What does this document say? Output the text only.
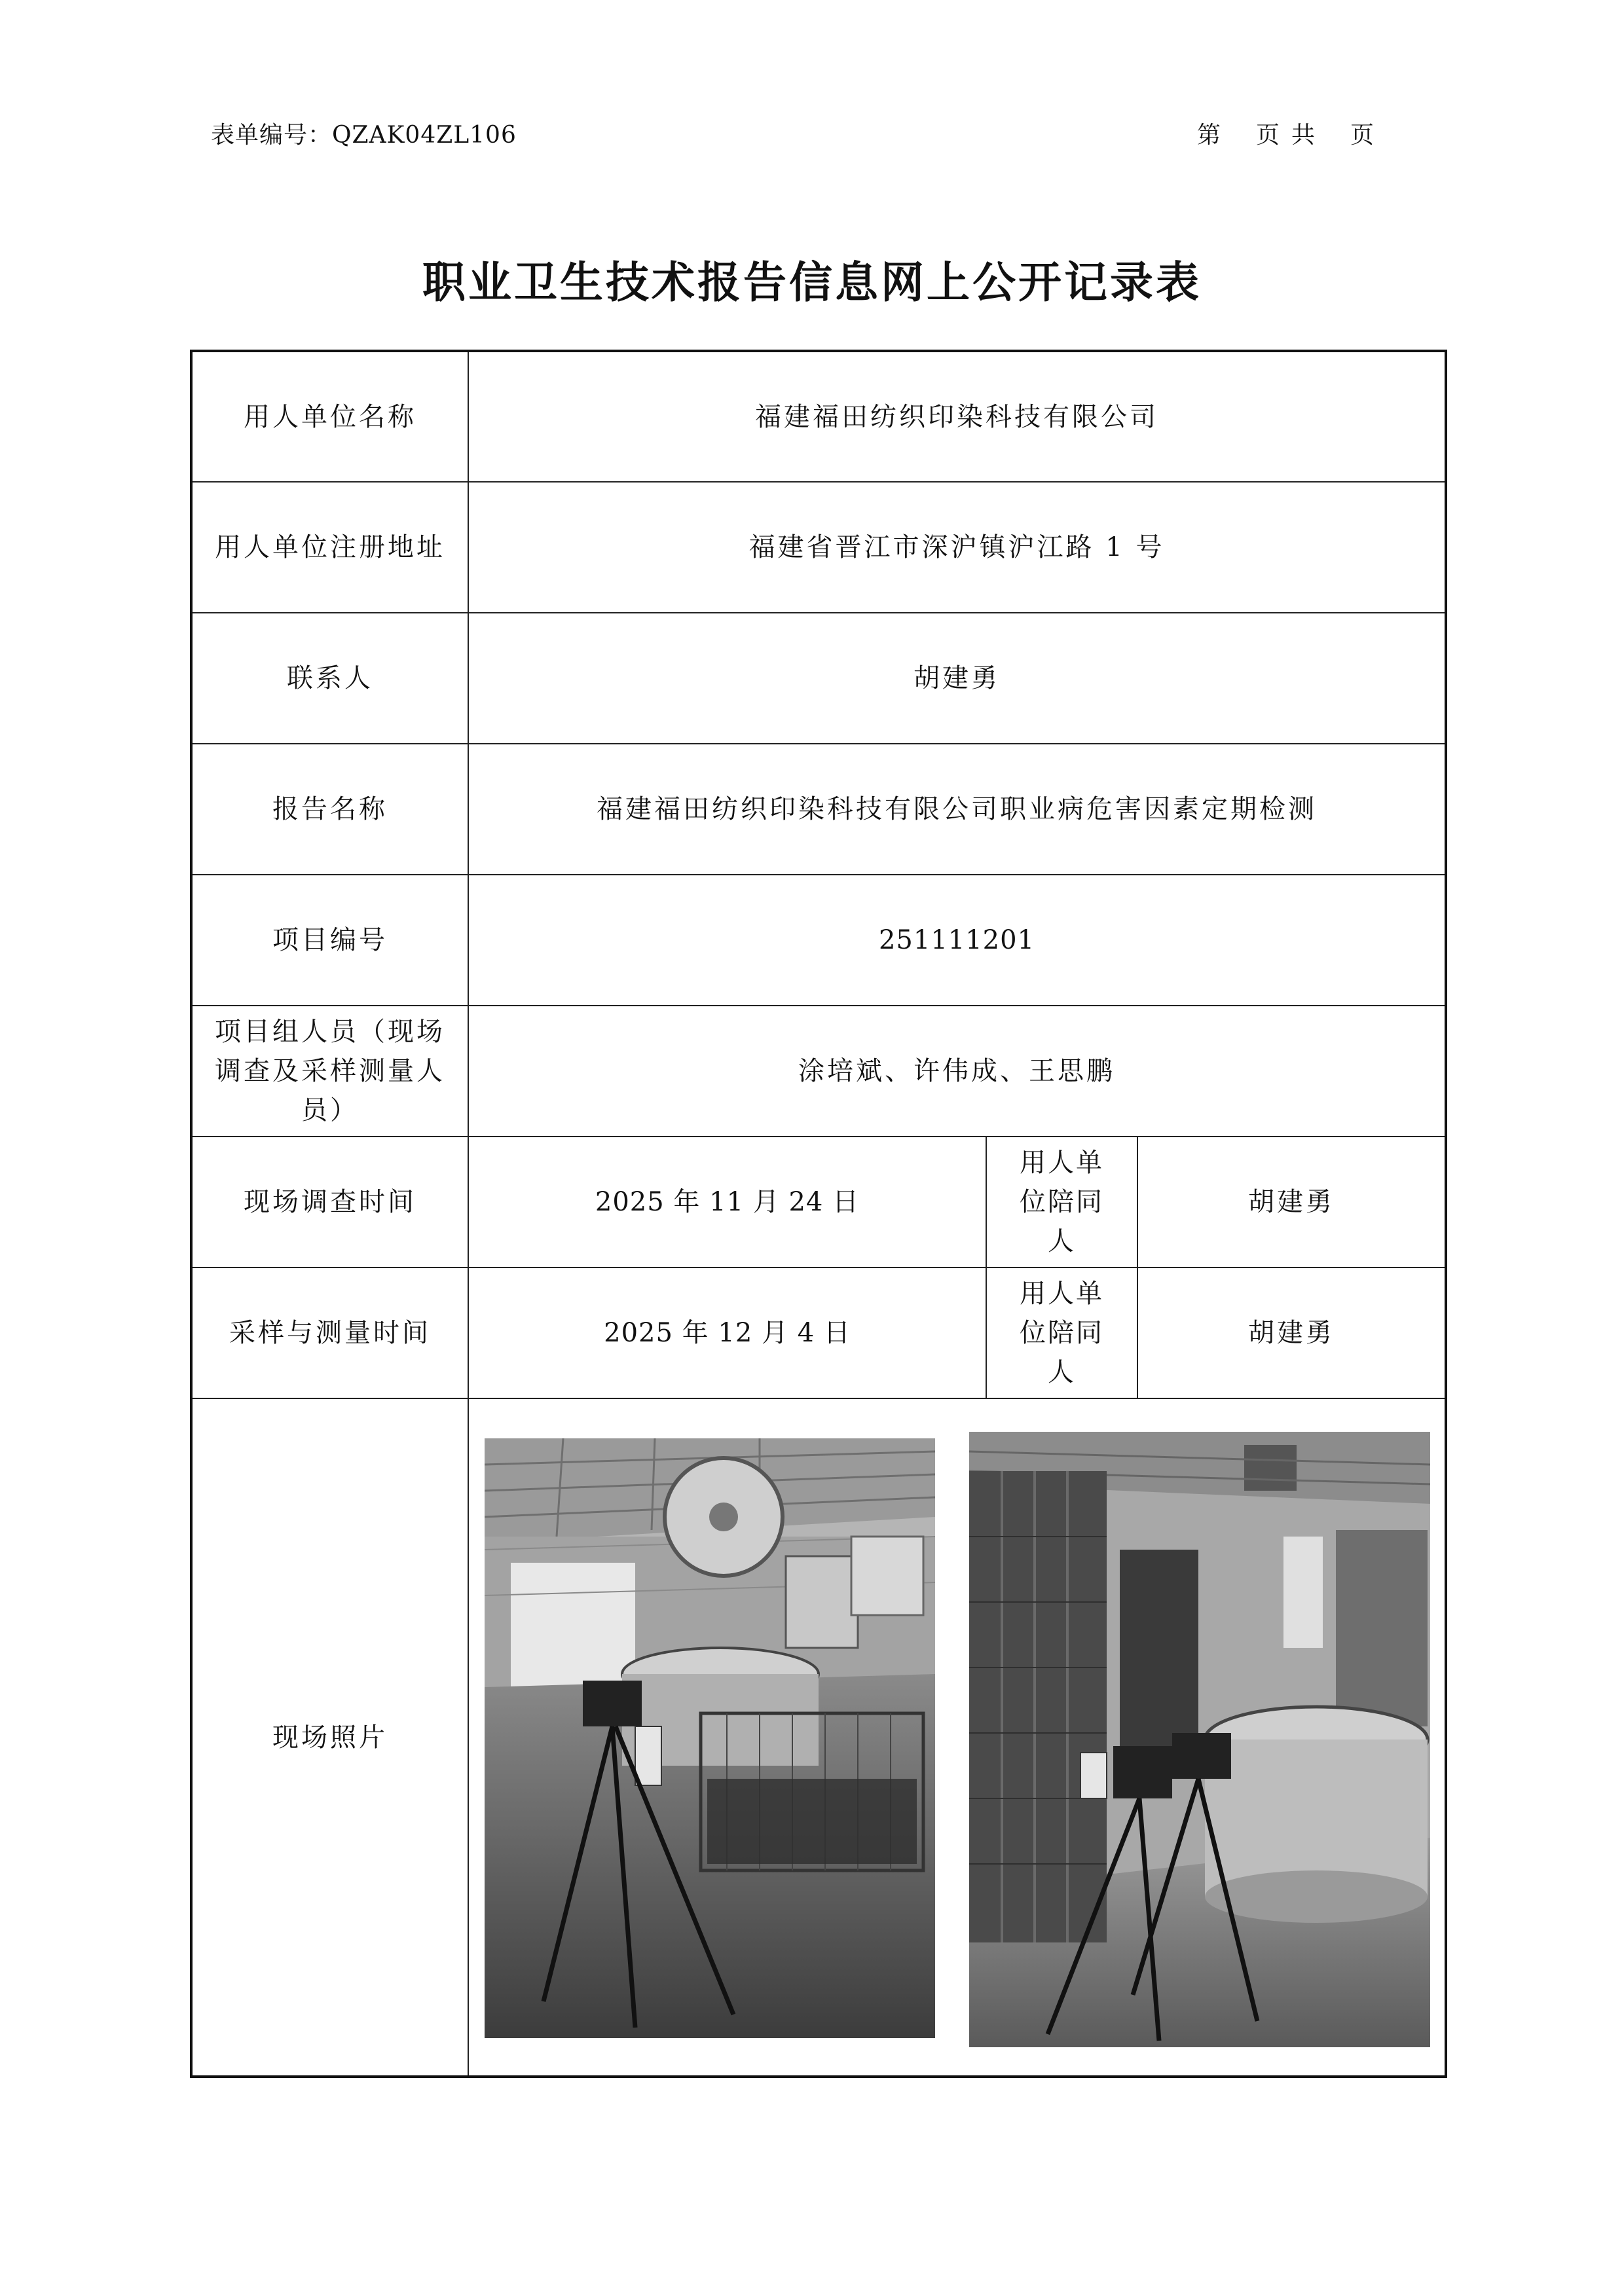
表单编号：QZAK04ZL106	第 页 共 页
职业卫生技术报告信息网上公开记录表
用人单位名称	福建福田纺织印染科技有限公司		
用人单位注册地址	福建省晋江市深沪镇沪江路 1 号		
联系人	胡建勇		
报告名称	福建福田纺织印染科技有限公司职业病危害因素定期检测		
项目编号	251111201		
项目组人员（现场调查及采样测量人员）	涂培斌、许伟成、王思鹏		
现场调查时间	2025 年 11 月 24 日	用人单位陪同人	胡建勇
采样与测量时间	2025 年 12 月 4 日	用人单位陪同人	胡建勇
现场照片	
